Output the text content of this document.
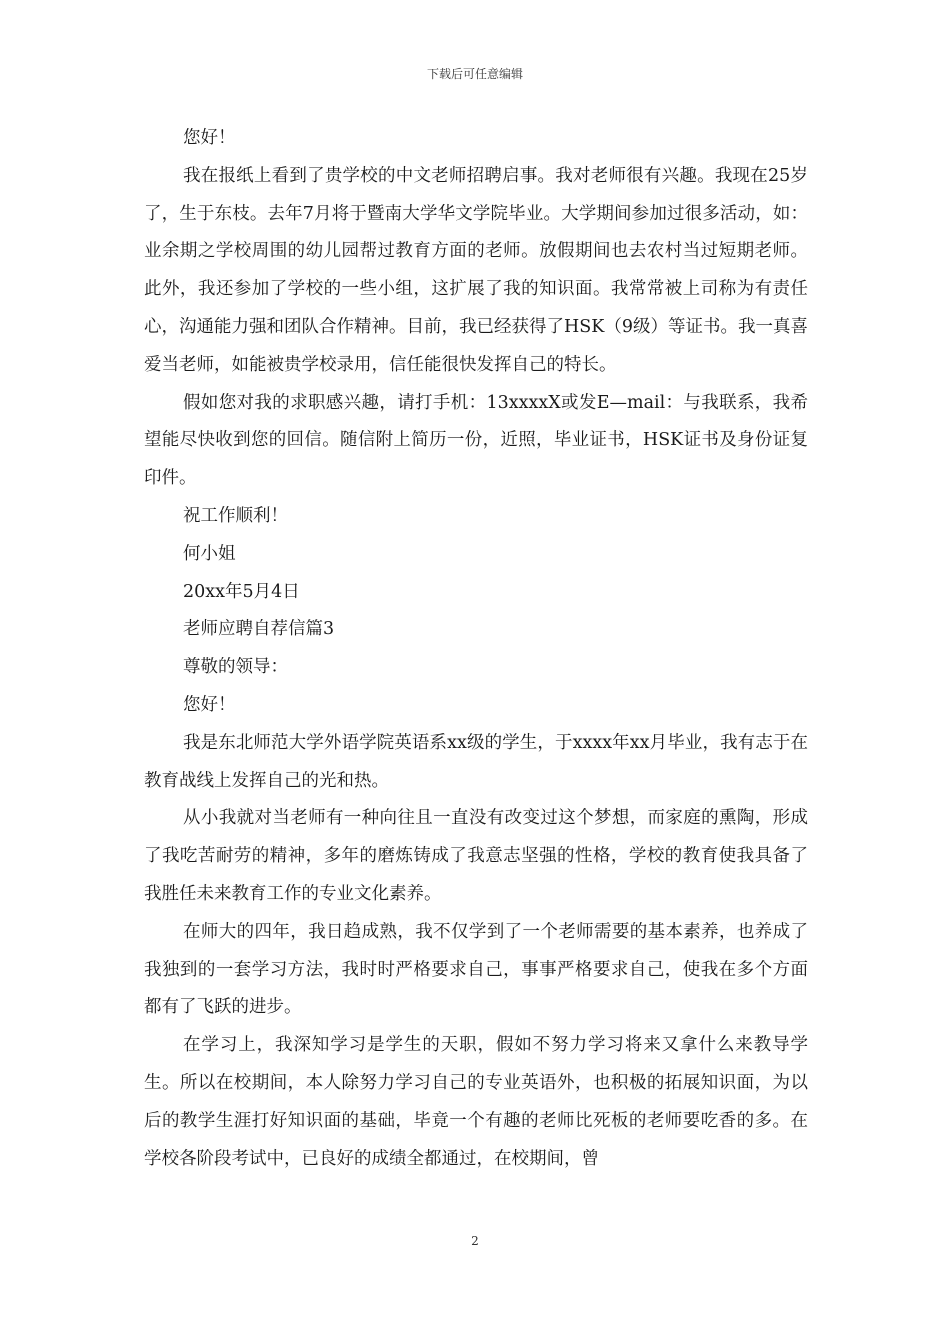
下载后可任意编辑

您好！

我在报纸上看到了贵学校的中文老师招聘启事。我对老师很有兴趣。我现在25岁了，生于东枝。去年7月将于暨南大学华文学院毕业。大学期间参加过很多活动，如：业余期之学校周围的幼儿园帮过教育方面的老师。放假期间也去农村当过短期老师。此外，我还参加了学校的一些小组，这扩展了我的知识面。我常常被上司称为有责任心，沟通能力强和团队合作精神。目前，我已经获得了HSK（9级）等证书。我一真喜爱当老师，如能被贵学校录用，信任能很快发挥自己的特长。

假如您对我的求职感兴趣，请打手机：13xxxxX或发E—mail：与我联系，我希望能尽快收到您的回信。随信附上简历一份，近照，毕业证书，HSK证书及身份证复印件。

祝工作顺利！

何小姐

20xx年5月4日

老师应聘自荐信篇3

尊敬的领导：

您好！

我是东北师范大学外语学院英语系xx级的学生，于xxxx年xx月毕业，我有志于在教育战线上发挥自己的光和热。

从小我就对当老师有一种向往且一直没有改变过这个梦想，而家庭的熏陶，形成了我吃苦耐劳的精神，多年的磨炼铸成了我意志坚强的性格，学校的教育使我具备了我胜任未来教育工作的专业文化素养。

在师大的四年，我日趋成熟，我不仅学到了一个老师需要的基本素养，也养成了我独到的一套学习方法，我时时严格要求自己，事事严格要求自己，使我在多个方面都有了飞跃的进步。

在学习上，我深知学习是学生的天职，假如不努力学习将来又拿什么来教导学生。所以在校期间，本人除努力学习自己的专业英语外，也积极的拓展知识面，为以后的教学生涯打好知识面的基础，毕竟一个有趣的老师比死板的老师要吃香的多。在学校各阶段考试中，已良好的成绩全都通过，在校期间，曾

2
